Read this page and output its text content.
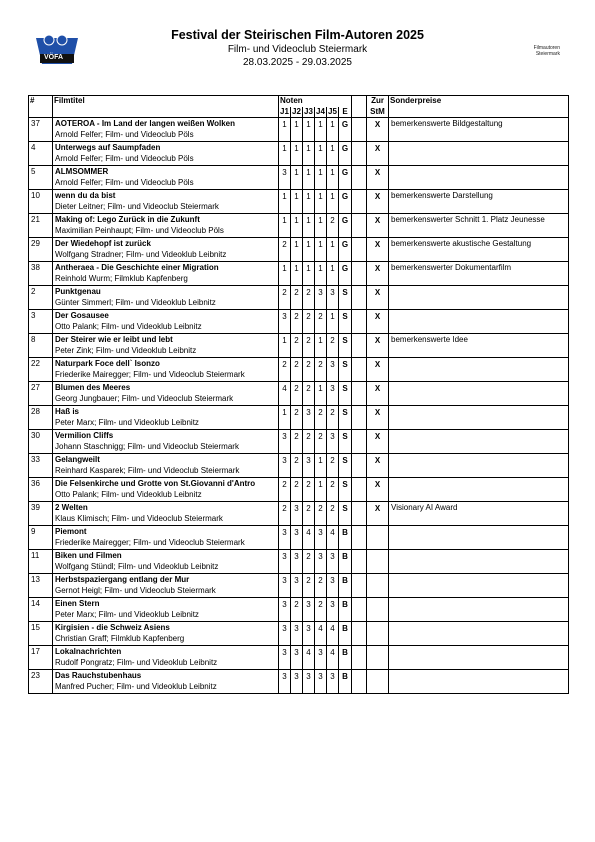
VÖFA
Festival der Steirischen Film-Autoren 2025
Film- und Videoclub Steiermark
28.03.2025 - 29.03.2025
Filmautoren
Steiermark
#	Filmtitel	Noten							Zur	Sonderpreise
		J1	J2	J3	J4	J5	E		StM	
37	AOTEROA - Im Land der langen weißen Wolken
Arnold Felfer; Film- und Videoclub Pöls	1	1	1	1	1	G		X	bemerkenswerte Bildgestaltung
4	Unterwegs auf Saumpfaden
Arnold Felfer; Film- und Videoclub Pöls	1	1	1	1	1	G		X	
5	ALMSOMMER
Arnold Felfer; Film- und Videoclub Pöls	3	1	1	1	1	G		X	
10	wenn du da bist
Dieter Leitner; Film- und Videoclub Steiermark	1	1	1	1	1	G		X	bemerkenswerte Darstellung
21	Making of: Lego Zurück in die Zukunft
Maximilian Peinhaupt; Film- und Videoclub Pöls	1	1	1	1	2	G		X	bemerkenswerter Schnitt 1. Platz Jeunesse
29	Der Wiedehopf ist zurück
Wolfgang Stradner; Film- und Videoklub Leibnitz	2	1	1	1	1	G		X	bemerkenswerte akustische Gestaltung
38	Antheraea - Die Geschichte einer Migration
Reinhold Wurm; Filmklub Kapfenberg	1	1	1	1	1	G		X	bemerkenswerter Dokumentarfilm
2	Punktgenau
Günter Simmerl; Film- und Videoklub Leibnitz	2	2	2	3	3	S		X	
3	Der Gosausee
Otto Palank; Film- und Videoklub Leibnitz	3	2	2	2	1	S		X	
8	Der Steirer wie er leibt und lebt
Peter Zink; Film- und Videoklub Leibnitz	1	2	2	1	2	S		X	bemerkenswerte Idee
22	Naturpark Foce dell` Isonzo
Friederike Mairegger; Film- und Videoclub Steiermark	2	2	2	2	3	S		X	
27	Blumen des Meeres
Georg Jungbauer; Film- und Videoclub Steiermark	4	2	2	1	3	S		X	
28	Haß is
Peter Marx; Film- und Videoklub Leibnitz	1	2	3	2	2	S		X	
30	Vermilion Cliffs
Johann Staschnigg; Film- und Videoclub Steiermark	3	2	2	2	3	S		X	
33	Gelangweilt
Reinhard Kasparek; Film- und Videoclub Steiermark	3	2	3	1	2	S		X	
36	Die Felsenkirche und Grotte von St.Giovanni d'Antro
Otto Palank; Film- und Videoklub Leibnitz	2	2	2	1	2	S		X	
39	2 Welten
Klaus Klimisch; Film- und Videoclub Steiermark	2	3	2	2	2	S		X	Visionary AI Award
9	Piemont
Friederike Mairegger; Film- und Videoclub Steiermark	3	3	4	3	4	B			
11	Biken und Filmen
Wolfgang Stündl; Film- und Videoklub Leibnitz	3	3	2	3	3	B			
13	Herbstspaziergang entlang der Mur
Gernot Heigl; Film- und Videoclub Steiermark	3	3	2	2	3	B			
14	Einen Stern
Peter Marx; Film- und Videoklub Leibnitz	3	2	3	2	3	B			
15	Kirgisien - die Schweiz Asiens
Christian Graff; Filmklub Kapfenberg	3	3	3	4	4	B			
17	Lokalnachrichten
Rudolf Pongratz; Film- und Videoklub Leibnitz	3	3	4	3	4	B			
23	Das Rauchstubenhaus
Manfred Pucher; Film- und Videoklub Leibnitz	3	3	3	3	3	B			
